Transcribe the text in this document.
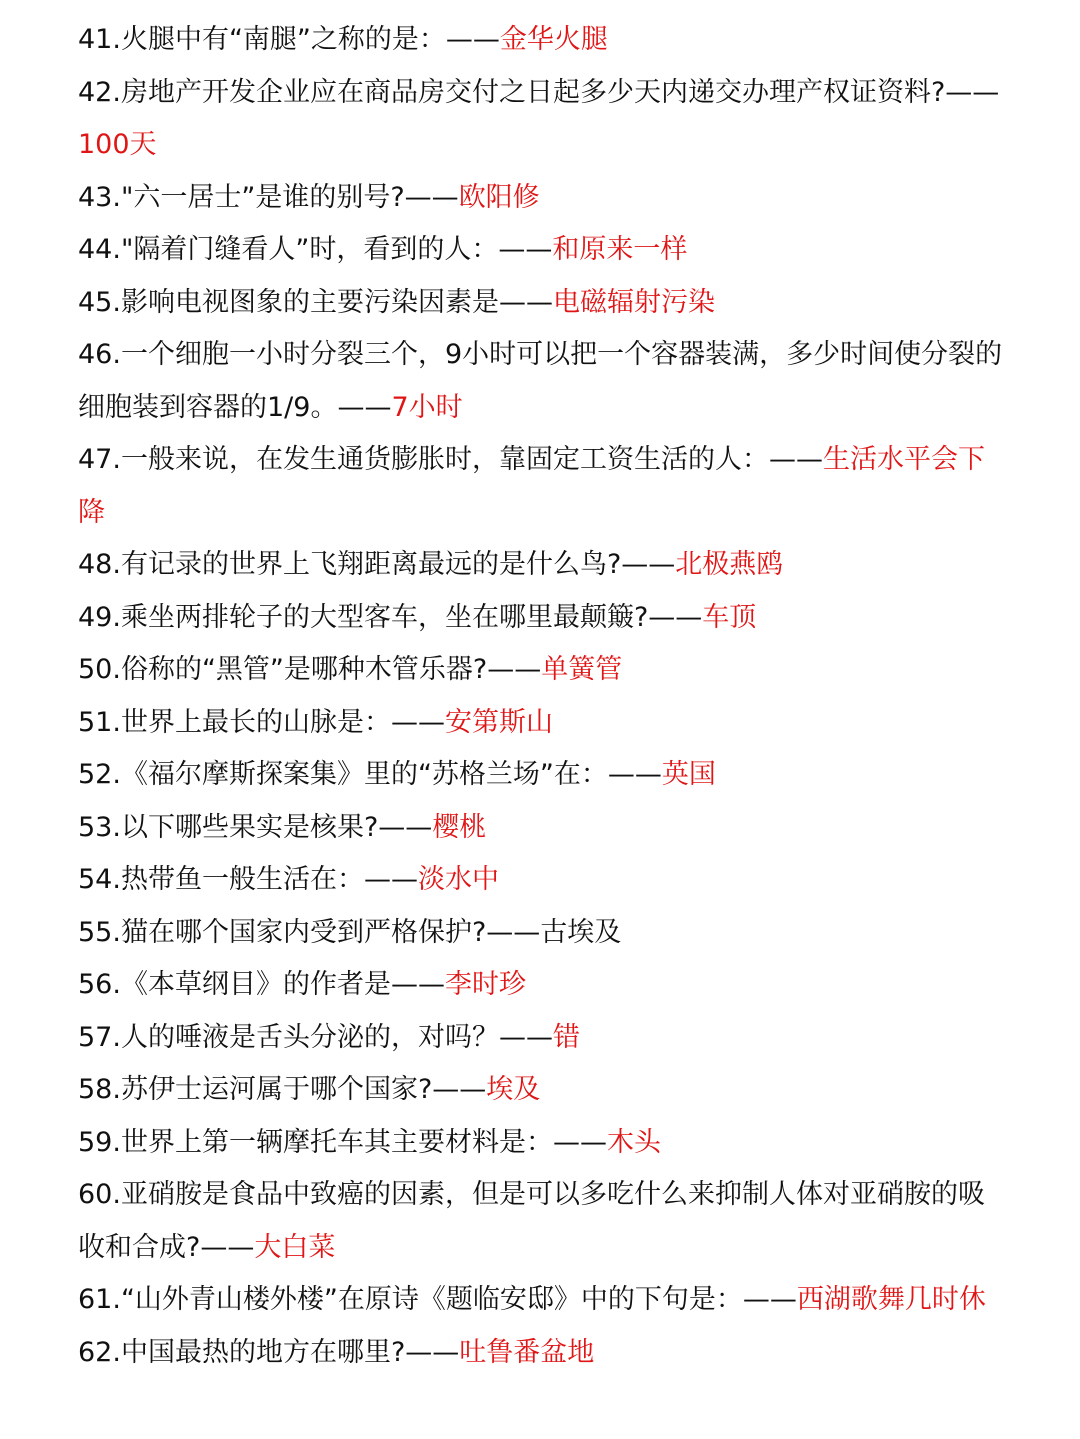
41.火腿中有“南腿”之称的是：——金华火腿
42.房地产开发企业应在商品房交付之日起多少天内递交办理产权证资料?——100天
43."六一居士”是谁的别号?——欧阳修
44."隔着门缝看人”时，看到的人：——和原来一样
45.影响电视图象的主要污染因素是——电磁辐射污染
46.一个细胞一小时分裂三个，9小时可以把一个容器装满，多少时间使分裂的细胞装到容器的1/9。——7小时
47.一般来说，在发生通货膨胀时，靠固定工资生活的人：——生活水平会下降
48.有记录的世界上飞翔距离最远的是什么鸟?——北极燕鸥
49.乘坐两排轮子的大型客车，坐在哪里最颠簸?——车顶
50.俗称的“黑管”是哪种木管乐器?——单簧管
51.世界上最长的山脉是：——安第斯山
52.《福尔摩斯探案集》里的“苏格兰场”在：——英国
53.以下哪些果实是核果?——樱桃
54.热带鱼一般生活在：——淡水中
55.猫在哪个国家内受到严格保护?——古埃及
56.《本草纲目》的作者是——李时珍
57.人的唾液是舌头分泌的，对吗？——错
58.苏伊士运河属于哪个国家?——埃及
59.世界上第一辆摩托车其主要材料是：——木头
60.亚硝胺是食品中致癌的因素，但是可以多吃什么来抑制人体对亚硝胺的吸收和合成?——大白菜
61.“山外青山楼外楼”在原诗《题临安邸》中的下句是：——西湖歌舞几时休
62.中国最热的地方在哪里?——吐鲁番盆地
